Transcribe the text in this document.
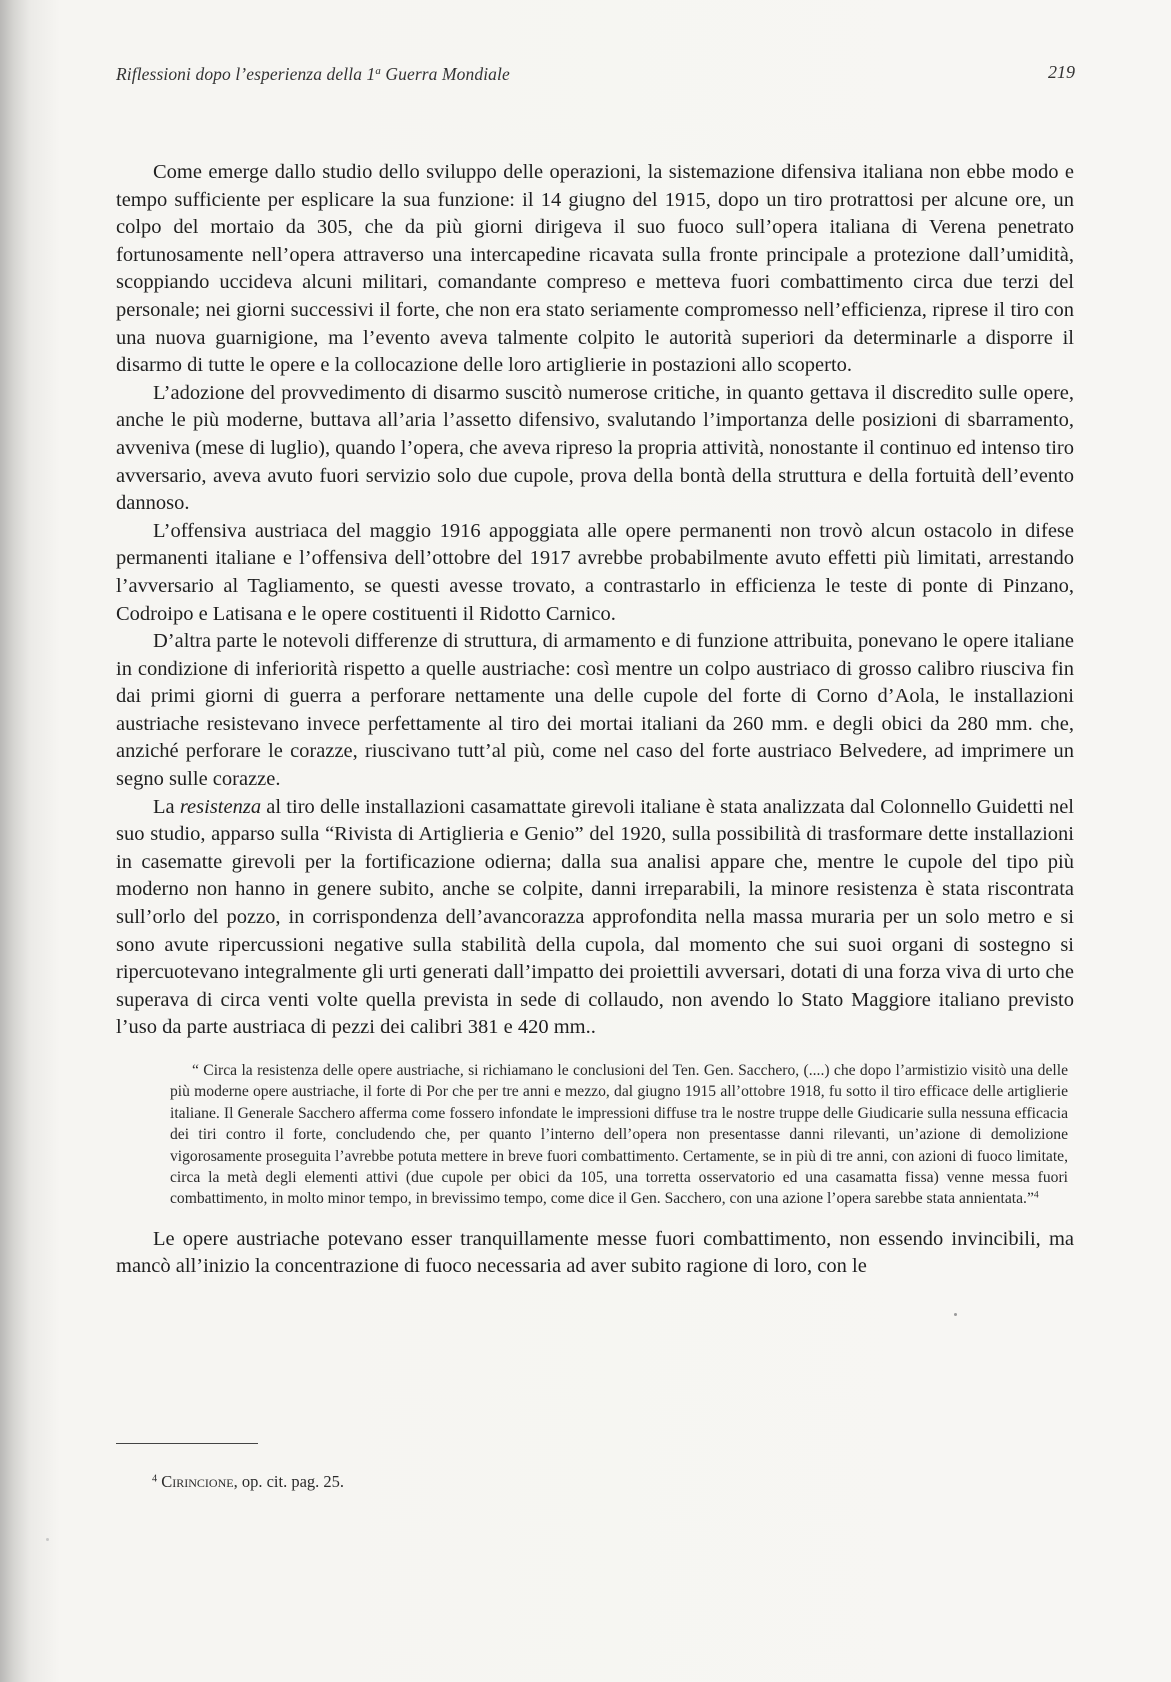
Riflessioni dopo l’esperienza della 1$^a$ Guerra Mondiale	219

Come emerge dallo studio dello sviluppo delle operazioni, la sistemazione difensiva italiana non ebbe modo e tempo sufficiente per esplicare la sua funzione: il 14 giugno del 1915, dopo un tiro protrattosi per alcune ore, un colpo del mortaio da 305, che da più giorni dirigeva il suo fuoco sull’opera italiana di Verena penetrato fortunosamente nell’opera attraverso una intercapedine ricavata sulla fronte principale a protezione dall’umidità, scoppiando uccideva alcuni militari, comandante compreso e metteva fuori combattimento circa due terzi del personale; nei giorni successivi il forte, che non era stato seriamente compromesso nell’efficienza, riprese il tiro con una nuova guarnigione, ma l’evento aveva talmente colpito le autorità superiori da determinarle a disporre il disarmo di tutte le opere e la collocazione delle loro artiglierie in postazioni allo scoperto.

L’adozione del provvedimento di disarmo suscitò numerose critiche, in quanto gettava il discredito sulle opere, anche le più moderne, buttava all’aria l’assetto difensivo, svalutando l’importanza delle posizioni di sbarramento, avveniva (mese di luglio), quando l’opera, che aveva ripreso la propria attività, nonostante il continuo ed intenso tiro avversario, aveva avuto fuori servizio solo due cupole, prova della bontà della struttura e della fortuità dell’evento dannoso.

L’offensiva austriaca del maggio 1916 appoggiata alle opere permanenti non trovò alcun ostacolo in difese permanenti italiane e l’offensiva dell’ottobre del 1917 avrebbe probabilmente avuto effetti più limitati, arrestando l’avversario al Tagliamento, se questi avesse trovato, a contrastarlo in efficienza le teste di ponte di Pinzano, Codroipo e Latisana e le opere costituenti il Ridotto Carnico.

D’altra parte le notevoli differenze di struttura, di armamento e di funzione attribuita, ponevano le opere italiane in condizione di inferiorità rispetto a quelle austriache: così mentre un colpo austriaco di grosso calibro riusciva fin dai primi giorni di guerra a perforare nettamente una delle cupole del forte di Corno d’Aola, le installazioni austriache resistevano invece perfettamente al tiro dei mortai italiani da 260 mm. e degli obici da 280 mm. che, anziché perforare le corazze, riuscivano tutt’al più, come nel caso del forte austriaco Belvedere, ad imprimere un segno sulle corazze.

La resistenza al tiro delle installazioni casamattate girevoli italiane è stata analizzata dal Colonnello Guidetti nel suo studio, apparso sulla “Rivista di Artiglieria e Genio” del 1920, sulla possibilità di trasformare dette installazioni in casematte girevoli per la fortificazione odierna; dalla sua analisi appare che, mentre le cupole del tipo più moderno non hanno in genere subito, anche se colpite, danni irreparabili, la minore resistenza è stata riscontrata sull’orlo del pozzo, in corrispondenza dell’avancorazza approfondita nella massa muraria per un solo metro e si sono avute ripercussioni negative sulla stabilità della cupola, dal momento che sui suoi organi di sostegno si ripercuotevano integralmente gli urti generati dall’impatto dei proiettili avversari, dotati di una forza viva di urto che superava di circa venti volte quella prevista in sede di collaudo, non avendo lo Stato Maggiore italiano previsto l’uso da parte austriaca di pezzi dei calibri 381 e 420 mm..

“ Circa la resistenza delle opere austriache, si richiamano le conclusioni del Ten. Gen. Sacchero, (....) che dopo l’armistizio visitò una delle più moderne opere austriache, il forte di Por che per tre anni e mezzo, dal giugno 1915 all’ottobre 1918, fu sotto il tiro efficace delle artiglierie italiane. Il Generale Sacchero afferma come fossero infondate le impressioni diffuse tra le nostre truppe delle Giudicarie sulla nessuna efficacia dei tiri contro il forte, concludendo che, per quanto l’interno dell’opera non presentasse danni rilevanti, un’azione di demolizione vigorosamente proseguita l’avrebbe potuta mettere in breve fuori combattimento. Certamente, se in più di tre anni, con azioni di fuoco limitate, circa la metà degli elementi attivi (due cupole per obici da 105, una torretta osservatorio ed una casamatta fissa) venne messa fuori combattimento, in molto minor tempo, in brevissimo tempo, come dice il Gen. Sacchero, con una azione l’opera sarebbe stata annientata.”$^4$

Le opere austriache potevano esser tranquillamente messe fuori combattimento, non essendo invincibili, ma mancò all’inizio la concentrazione di fuoco necessaria ad aver subito ragione di loro, con le

$^4$ Cirincione, op. cit. pag. 25.
